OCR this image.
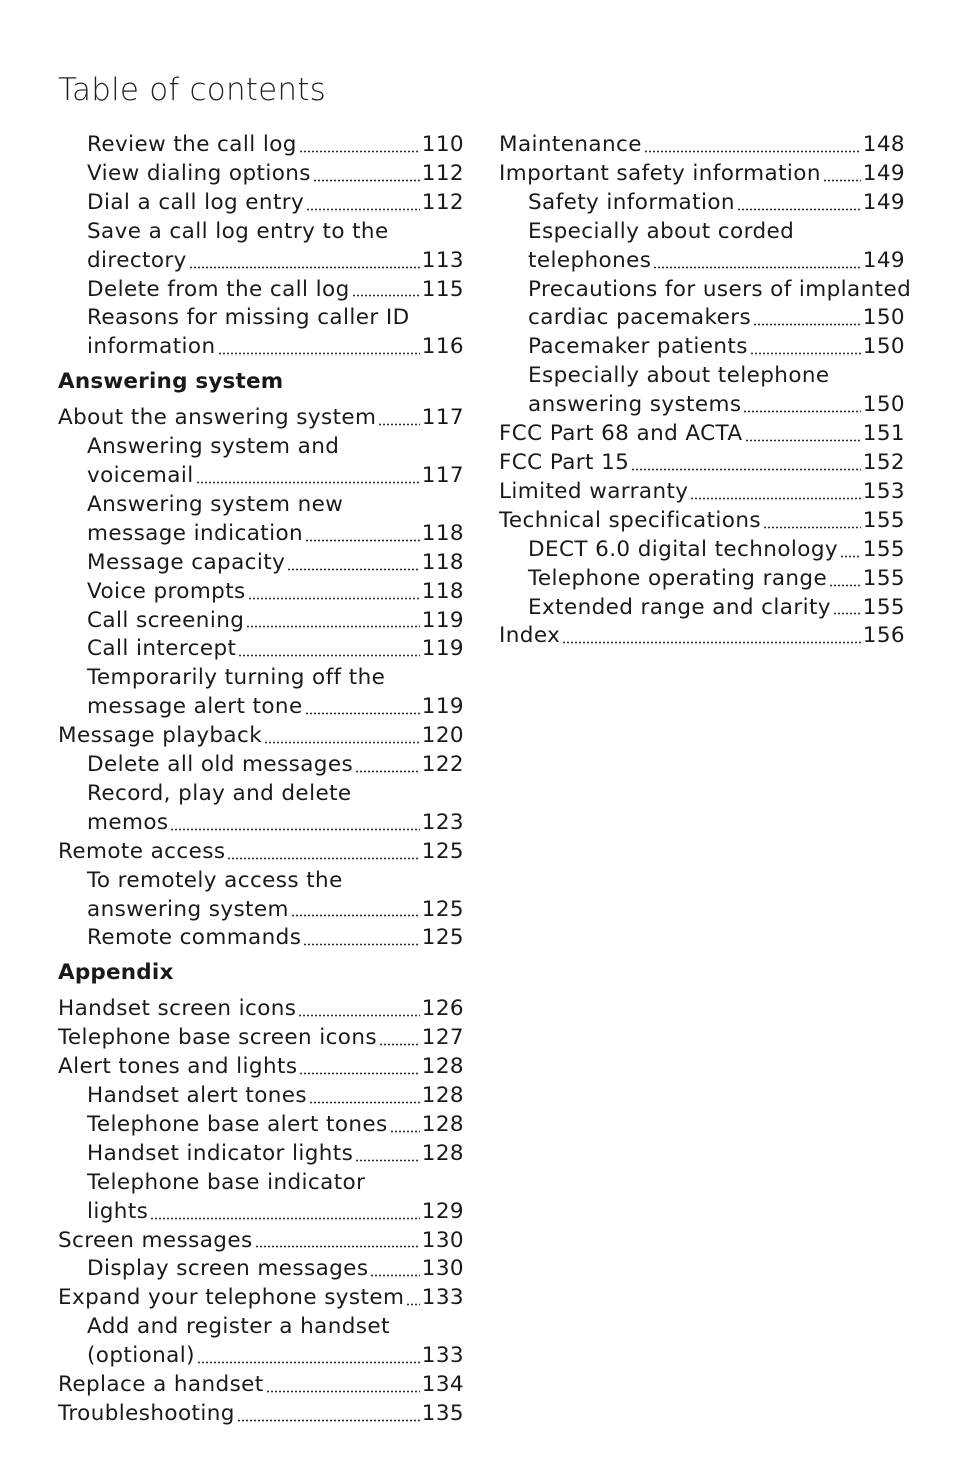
Table of contents
Review the call log	110
View dialing options	112
Dial a call log entry	112
Save a call log entry to the
directory	113
Delete from the call log	115
Reasons for missing caller ID
information	116
Answering system
About the answering system 117
Answering system and
voicemail	117
Answering system new
message indication	118
Message capacity	118
Voice prompts	118
Call screening	119
Call intercept	119
Temporarily turning off the
message alert tone	119
Message playback	120
Delete all old messages	122
Record, play and delete
memos	123
Remote access	125
To remotely access the
answering system	125
Remote commands	125
Appendix
Handset screen icons	126
Telephone base screen icons 127
Alert tones and lights	128
Handset alert tones	128
Telephone base alert tones 128
Handset indicator lights	128
Telephone base indicator
lights	129
Screen messages	130
Display screen messages 130
Expand your telephone system 133
Add and register a handset
(optional)	133
Replace a handset	134
Troubleshooting	135
Maintenance	148
Important safety information 149
Safety information	149
Especially about corded
telephones	149
Precautions for users of implanted
cardiac pacemakers	150
Pacemaker patients	150
Especially about telephone
answering systems	150
FCC Part 68 and ACTA	151
FCC Part 15	152
Limited warranty	153
Technical specifications	155
DECT 6.0 digital technology 155
Telephone operating range 155
Extended range and clarity 155
Index	156
